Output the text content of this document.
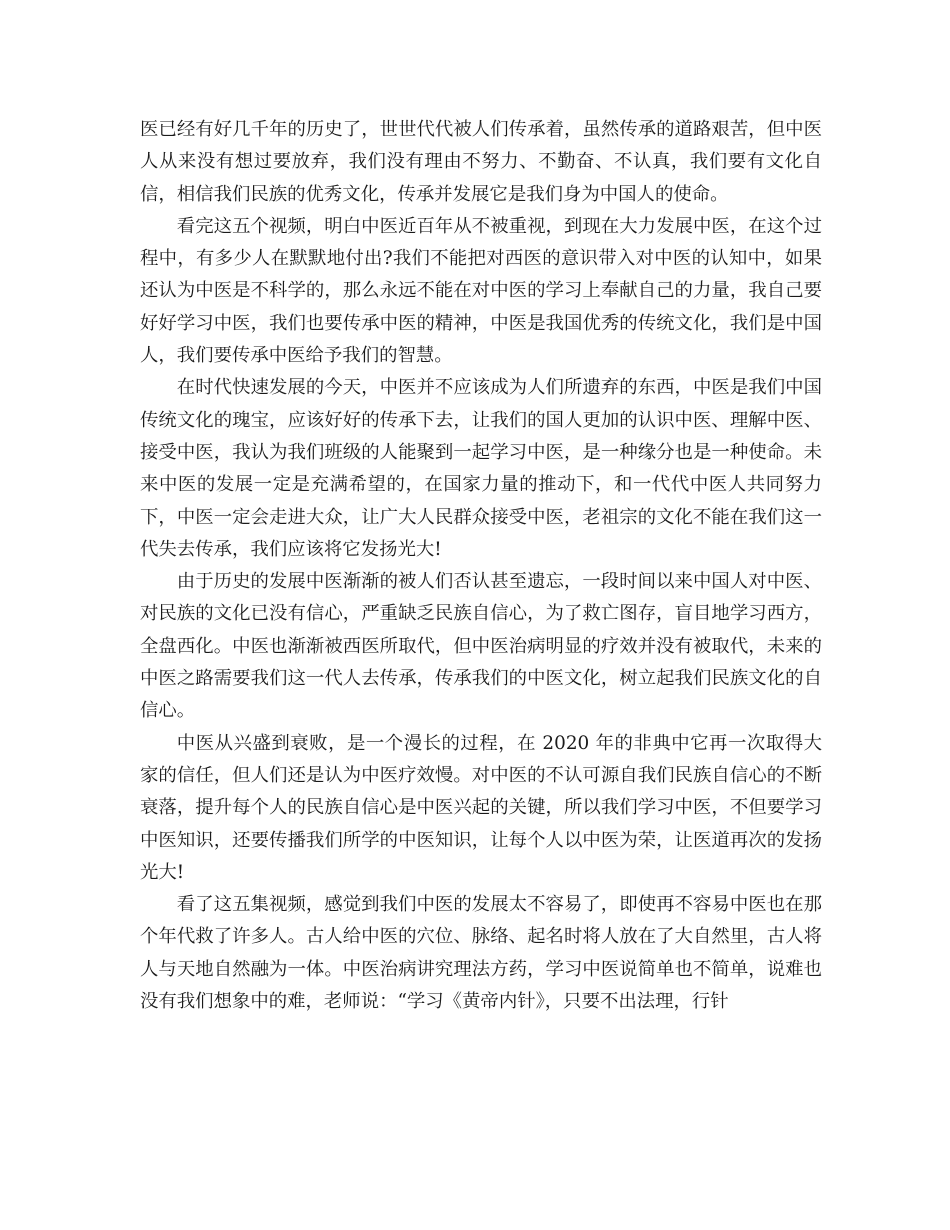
医已经有好几千年的历史了，世世代代被人们传承着，虽然传承的道路艰苦，但中医人从来没有想过要放弃，我们没有理由不努力、不勤奋、不认真，我们要有文化自信，相信我们民族的优秀文化，传承并发展它是我们身为中国人的使命。

看完这五个视频，明白中医近百年从不被重视，到现在大力发展中医，在这个过程中，有多少人在默默地付出?我们不能把对西医的意识带入对中医的认知中，如果还认为中医是不科学的，那么永远不能在对中医的学习上奉献自己的力量，我自己要好好学习中医，我们也要传承中医的精神，中医是我国优秀的传统文化，我们是中国人，我们要传承中医给予我们的智慧。

在时代快速发展的今天，中医并不应该成为人们所遗弃的东西，中医是我们中国传统文化的瑰宝，应该好好的传承下去，让我们的国人更加的认识中医、理解中医、接受中医，我认为我们班级的人能聚到一起学习中医，是一种缘分也是一种使命。未来中医的发展一定是充满希望的，在国家力量的推动下，和一代代中医人共同努力下，中医一定会走进大众，让广大人民群众接受中医，老祖宗的文化不能在我们这一代失去传承，我们应该将它发扬光大!

由于历史的发展中医渐渐的被人们否认甚至遗忘，一段时间以来中国人对中医、对民族的文化已没有信心，严重缺乏民族自信心，为了救亡图存，盲目地学习西方，全盘西化。中医也渐渐被西医所取代，但中医治病明显的疗效并没有被取代，未来的中医之路需要我们这一代人去传承，传承我们的中医文化，树立起我们民族文化的自信心。

中医从兴盛到衰败，是一个漫长的过程，在 2020 年的非典中它再一次取得大家的信任，但人们还是认为中医疗效慢。对中医的不认可源自我们民族自信心的不断衰落，提升每个人的民族自信心是中医兴起的关键，所以我们学习中医，不但要学习中医知识，还要传播我们所学的中医知识，让每个人以中医为荣，让医道再次的发扬光大!

看了这五集视频，感觉到我们中医的发展太不容易了，即使再不容易中医也在那个年代救了许多人。古人给中医的穴位、脉络、起名时将人放在了大自然里，古人将人与天地自然融为一体。中医治病讲究理法方药，学习中医说简单也不简单，说难也没有我们想象中的难，老师说：“学习《黄帝内针》，只要不出法理，行针
